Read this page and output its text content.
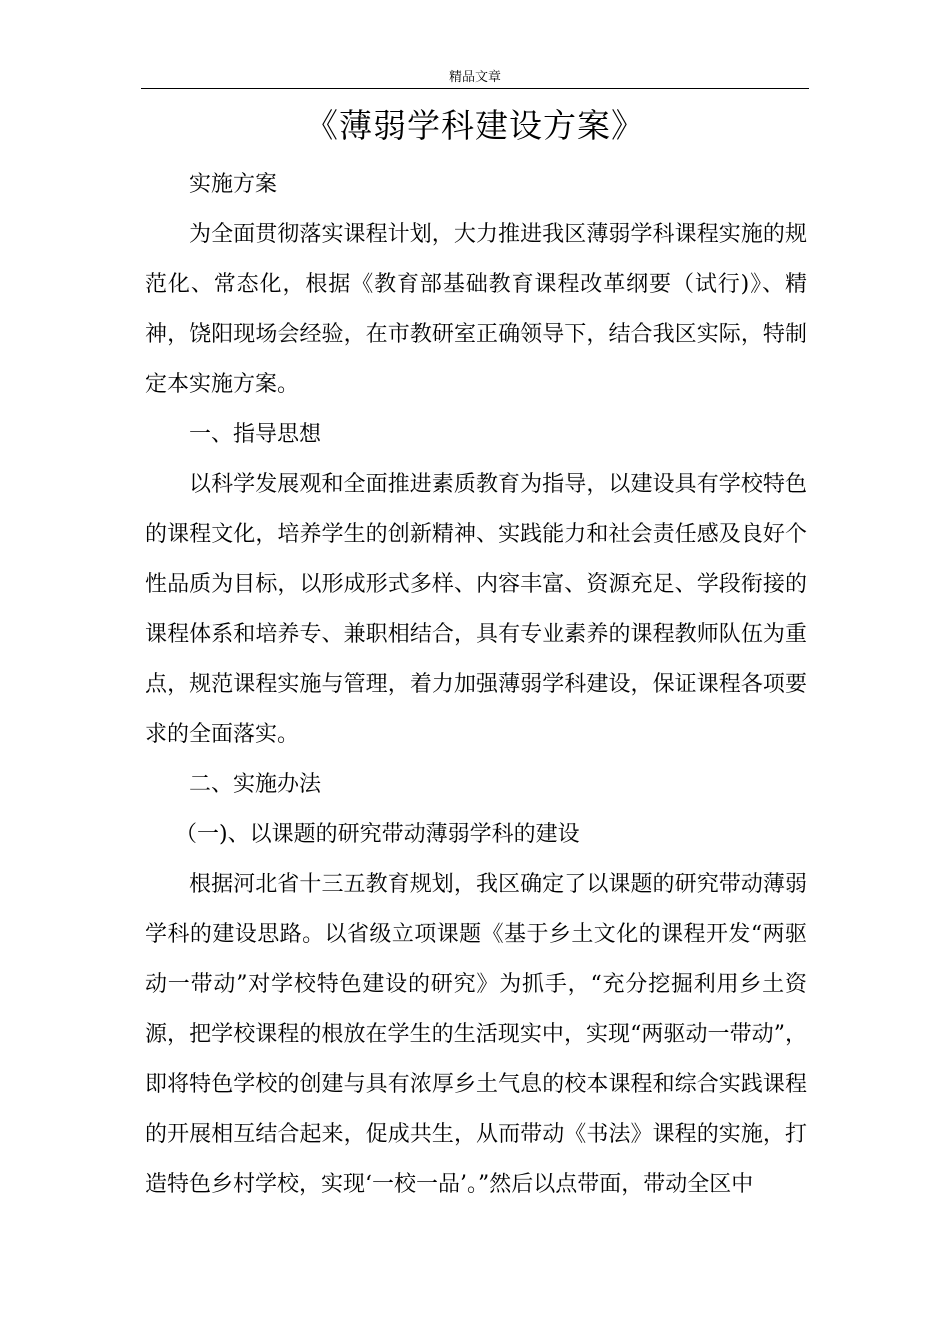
精品文章
《薄弱学科建设方案》

实施方案

为全面贯彻落实课程计划，大力推进我区薄弱学科课程实施的规范化、常态化，根据《教育部基础教育课程改革纲要（试行)》、精神，饶阳现场会经验，在市教研室正确领导下，结合我区实际，特制定本实施方案。

一、指导思想

以科学发展观和全面推进素质教育为指导，以建设具有学校特色的课程文化，培养学生的创新精神、实践能力和社会责任感及良好个性品质为目标，以形成形式多样、内容丰富、资源充足、学段衔接的课程体系和培养专、兼职相结合，具有专业素养的课程教师队伍为重点，规范课程实施与管理，着力加强薄弱学科建设，保证课程各项要求的全面落实。

二、实施办法

（一)、以课题的研究带动薄弱学科的建设

根据河北省十三五教育规划，我区确定了以课题的研究带动薄弱学科的建设思路。以省级立项课题《基于乡土文化的课程开发“两驱动一带动”对学校特色建设的研究》为抓手，“充分挖掘利用乡土资源，把学校课程的根放在学生的生活现实中，实现“两驱动一带动”，即将特色学校的创建与具有浓厚乡土气息的校本课程和综合实践课程的开展相互结合起来，促成共生，从而带动《书法》课程的实施，打造特色乡村学校，实现‘一校一品’。”然后以点带面，带动全区中
